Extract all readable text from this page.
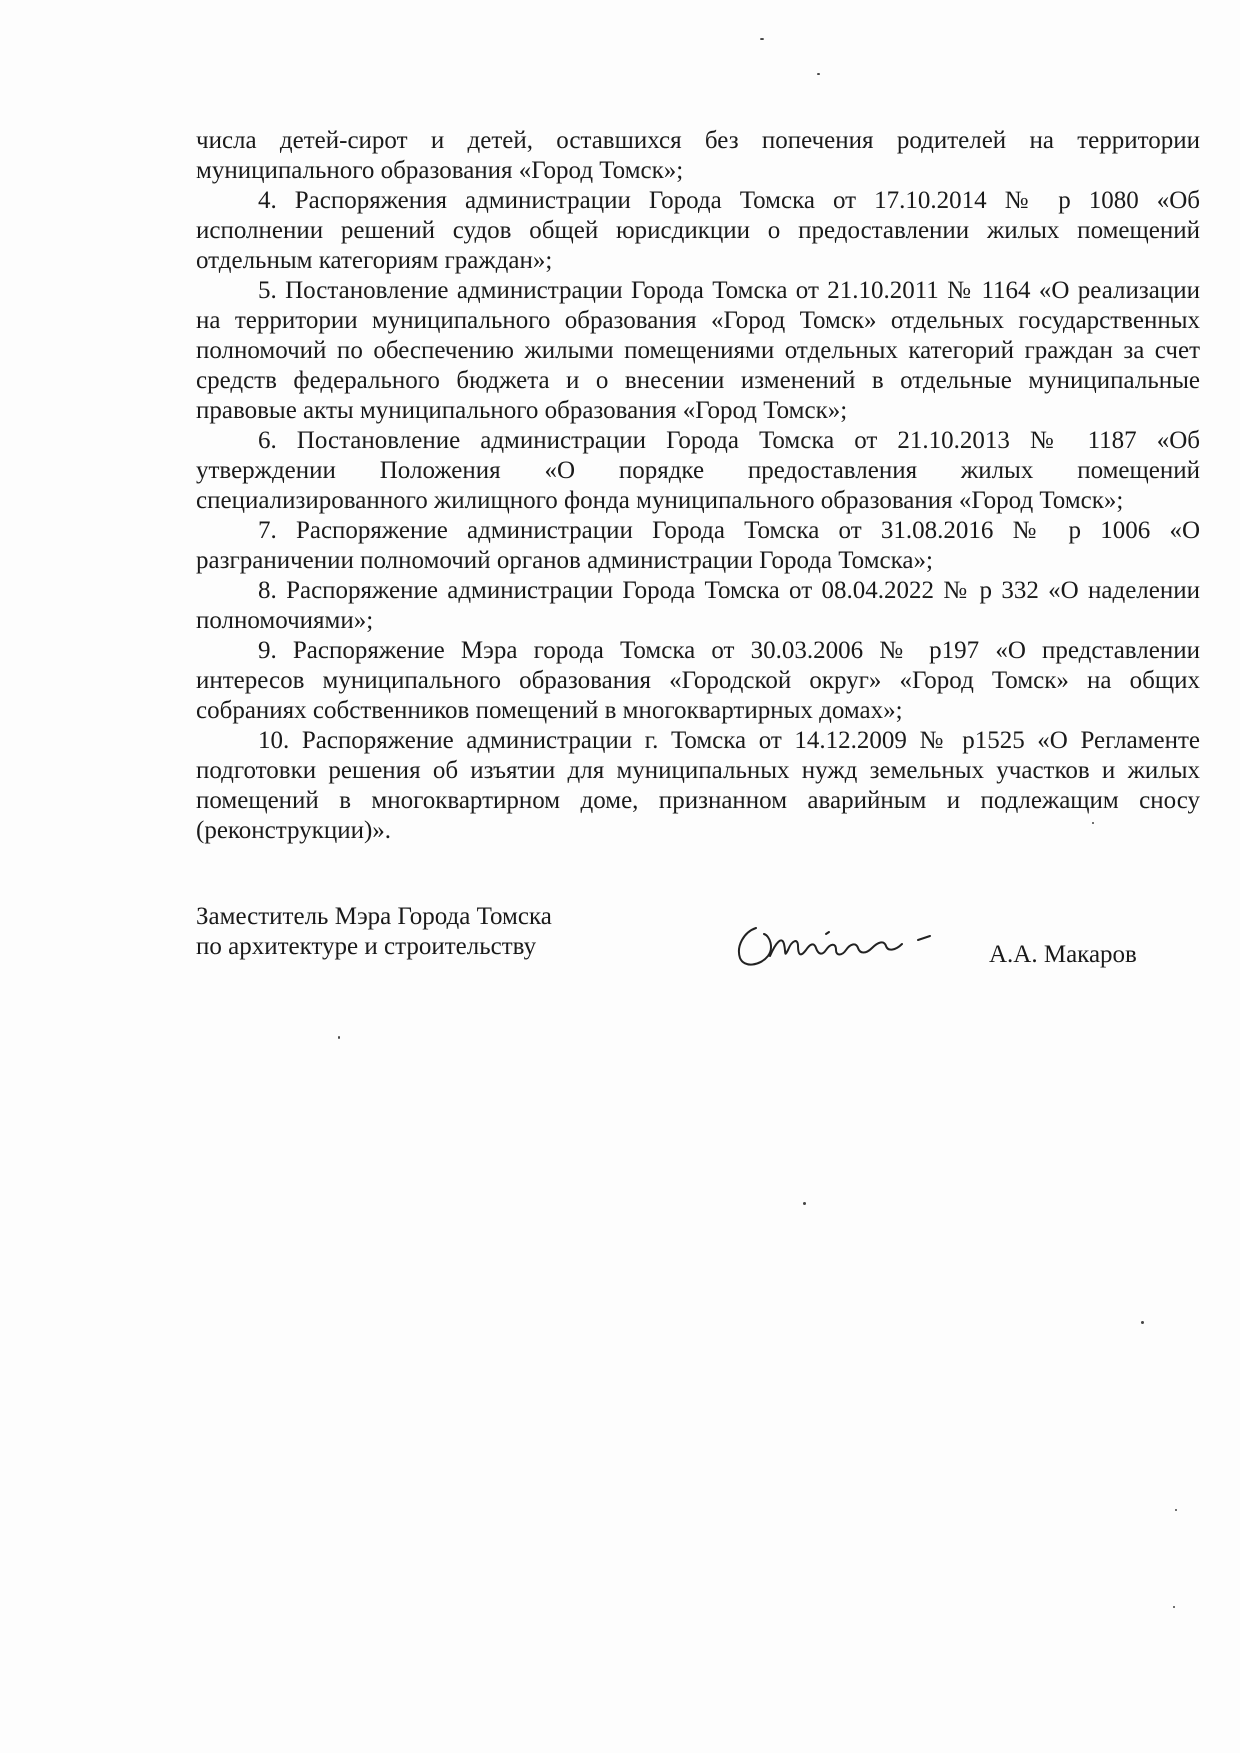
числа детей-сирот и детей, оставшихся без попечения родителей на территории муниципального образования «Город Томск»;

4. Распоряжения администрации Города Томска от 17.10.2014 № р 1080 «Об исполнении решений судов общей юрисдикции о предоставлении жилых помещений отдельным категориям граждан»;

5. Постановление администрации Города Томска от 21.10.2011 № 1164 «О реализации на территории муниципального образования «Город Томск» отдельных государственных полномочий по обеспечению жилыми помещениями отдельных категорий граждан за счет средств федерального бюджета и о внесении изменений в отдельные муниципальные правовые акты муниципального образования «Город Томск»;

6. Постановление администрации Города Томска от 21.10.2013 № 1187 «Об утверждении Положения «О порядке предоставления жилых помещений специализированного жилищного фонда муниципального образования «Город Томск»;

7. Распоряжение администрации Города Томска от 31.08.2016 № р 1006 «О разграничении полномочий органов администрации Города Томска»;

8. Распоряжение администрации Города Томска от 08.04.2022 № р 332 «О наделении полномочиями»;

9. Распоряжение Мэра города Томска от 30.03.2006 № р197 «О представлении интересов муниципального образования «Городской округ» «Город Томск» на общих собраниях собственников помещений в многоквартирных домах»;

10. Распоряжение администрации г. Томска от 14.12.2009 № р1525 «О Регламенте подготовки решения об изъятии для муниципальных нужд земельных участков и жилых помещений в многоквартирном доме, признанном аварийным и подлежащим сносу (реконструкции)».

Заместитель Мэра Города Томска
по архитектуре и строительству	А.А. Макаров
